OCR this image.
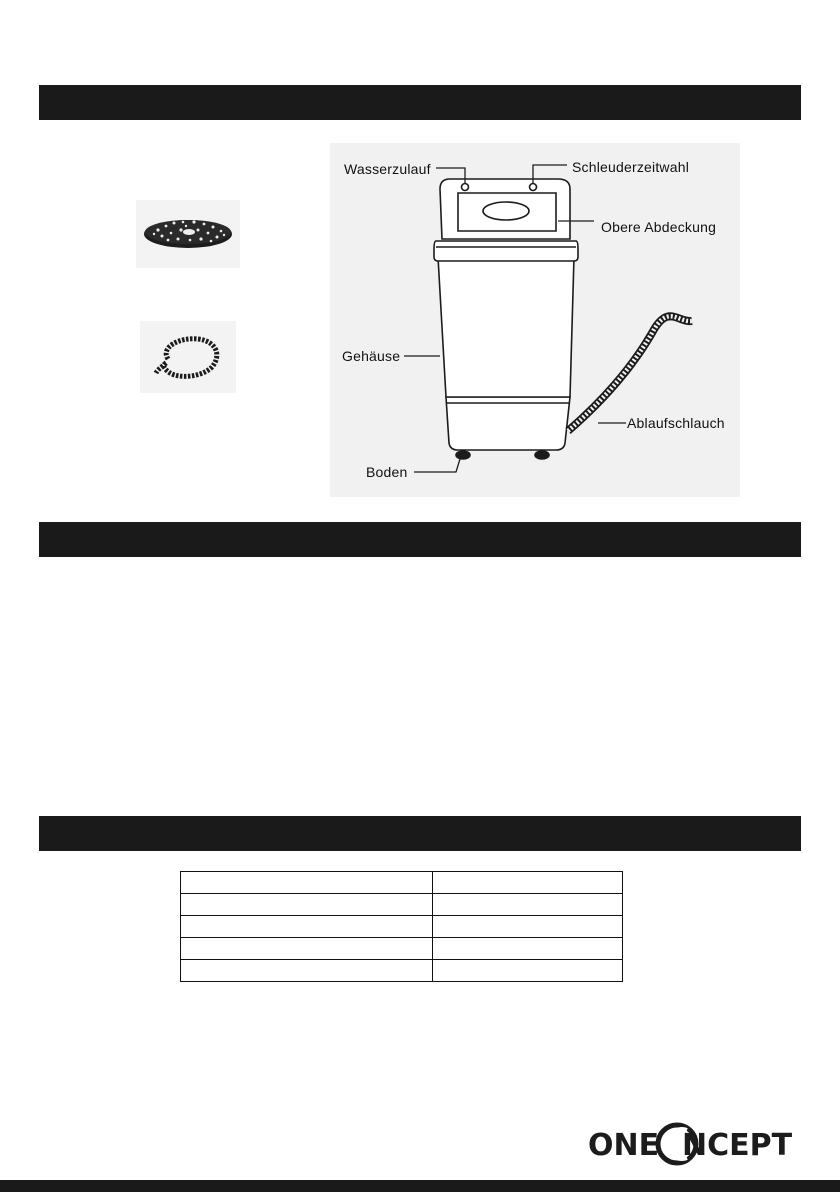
Wasserzulauf	Schleuderzeitwahl
Obere Abdeckung
Gehäuse
Ablaufschlauch
Boden

ONE NCEPT
